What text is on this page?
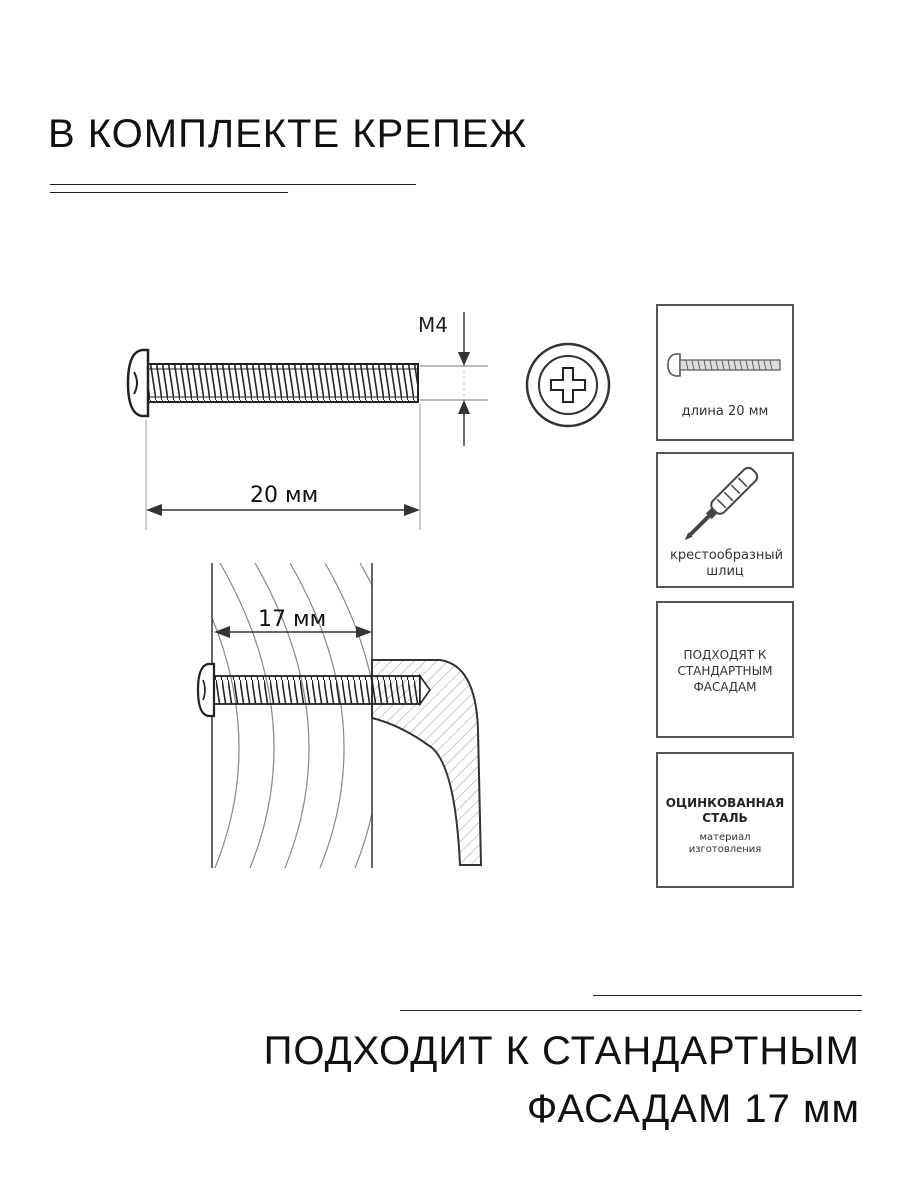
В КОМПЛЕКТЕ КРЕПЕЖ
M4
20 мм
17 мм
длина 20 мм
крестообразный шлиц
ПОДХОДЯТ К СТАНДАРТНЫМ ФАСАДАМ
ОЦИНКОВАННАЯ СТАЛЬ
материал изготовления
ПОДХОДИТ К СТАНДАРТНЫМ
ФАСАДАМ 17 мм
